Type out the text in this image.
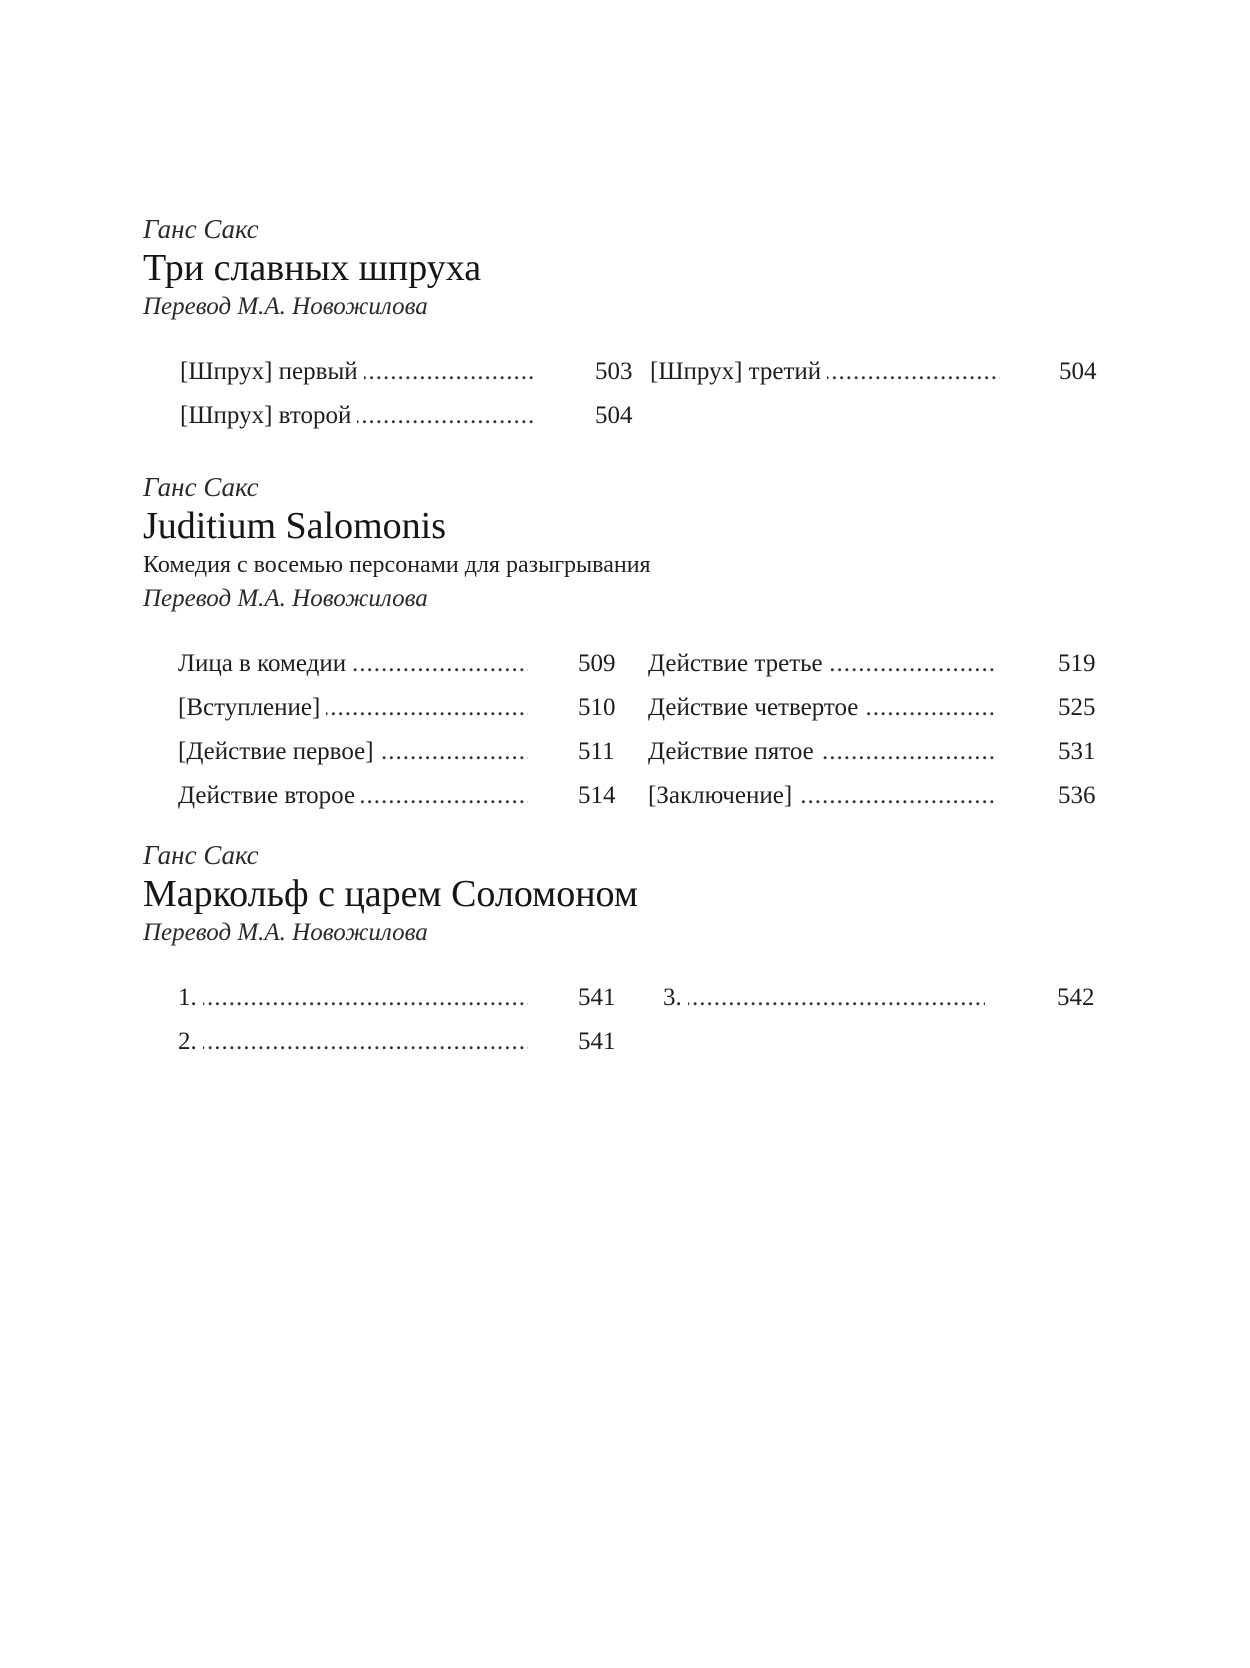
Ганс Сакс
Три славных шпруха
Перевод М.А. Новожилова
[Шпрух] первый .....	503
[Шпрух] второй .....	504
[Шпрух] третий .....	504
Ганс Сакс
Juditium Salomonis
Комедия с восемью персонами для разыгрывания
Перевод М.А. Новожилова
Лица в комедии .....	509
[Вступление] .....	510
[Действие первое] .....	511
Действие второе .....	514
Действие третье .....	519
Действие четвертое .....	525
Действие пятое .....	531
[Заключение] .....	536
Ганс Сакс
Маркольф с царем Соломоном
Перевод М.А. Новожилова
1. .....	541
2. .....	541
3. .....	542
